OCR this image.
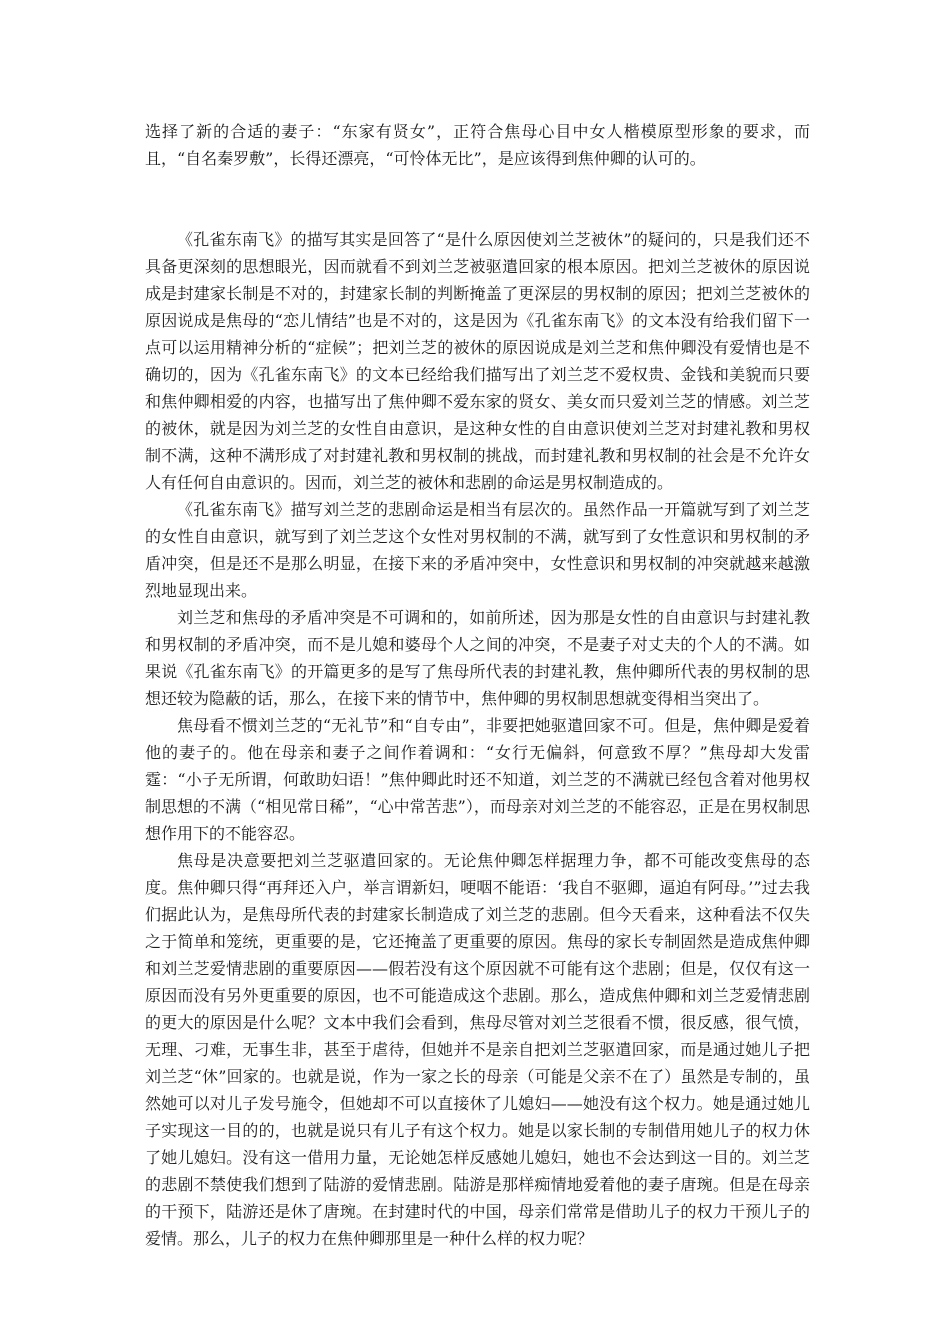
选择了新的合适的妻子：“东家有贤女”，正符合焦母心目中女人楷模原型形象的要求，而且，“自名秦罗敷”，长得还漂亮，“可怜体无比”，是应该得到焦仲卿的认可的。

《孔雀东南飞》的描写其实是回答了“是什么原因使刘兰芝被休”的疑问的，只是我们还不具备更深刻的思想眼光，因而就看不到刘兰芝被驱遣回家的根本原因。把刘兰芝被休的原因说成是封建家长制是不对的，封建家长制的判断掩盖了更深层的男权制的原因；把刘兰芝被休的原因说成是焦母的“恋儿情结”也是不对的，这是因为《孔雀东南飞》的文本没有给我们留下一点可以运用精神分析的“症候”；把刘兰芝的被休的原因说成是刘兰芝和焦仲卿没有爱情也是不确切的，因为《孔雀东南飞》的文本已经给我们描写出了刘兰芝不爱权贵、金钱和美貌而只要和焦仲卿相爱的内容，也描写出了焦仲卿不爱东家的贤女、美女而只爱刘兰芝的情感。刘兰芝的被休，就是因为刘兰芝的女性自由意识，是这种女性的自由意识使刘兰芝对封建礼教和男权制不满，这种不满形成了对封建礼教和男权制的挑战，而封建礼教和男权制的社会是不允许女人有任何自由意识的。因而，刘兰芝的被休和悲剧的命运是男权制造成的。

《孔雀东南飞》描写刘兰芝的悲剧命运是相当有层次的。虽然作品一开篇就写到了刘兰芝的女性自由意识，就写到了刘兰芝这个女性对男权制的不满，就写到了女性意识和男权制的矛盾冲突，但是还不是那么明显，在接下来的矛盾冲突中，女性意识和男权制的冲突就越来越激烈地显现出来。

刘兰芝和焦母的矛盾冲突是不可调和的，如前所述，因为那是女性的自由意识与封建礼教和男权制的矛盾冲突，而不是儿媳和婆母个人之间的冲突，不是妻子对丈夫的个人的不满。如果说《孔雀东南飞》的开篇更多的是写了焦母所代表的封建礼教，焦仲卿所代表的男权制的思想还较为隐蔽的话，那么，在接下来的情节中，焦仲卿的男权制思想就变得相当突出了。

焦母看不惯刘兰芝的“无礼节”和“自专由”，非要把她驱遣回家不可。但是，焦仲卿是爱着他的妻子的。他在母亲和妻子之间作着调和：“女行无偏斜，何意致不厚？”焦母却大发雷霆：“小子无所谓，何敢助妇语！”焦仲卿此时还不知道，刘兰芝的不满就已经包含着对他男权制思想的不满（“相见常日稀”，“心中常苦悲”），而母亲对刘兰芝的不能容忍，正是在男权制思想作用下的不能容忍。

焦母是决意要把刘兰芝驱遣回家的。无论焦仲卿怎样据理力争，都不可能改变焦母的态度。焦仲卿只得“再拜还入户，举言谓新妇，哽咽不能语：‘我自不驱卿，逼迫有阿母。’”过去我们据此认为，是焦母所代表的封建家长制造成了刘兰芝的悲剧。但今天看来，这种看法不仅失之于简单和笼统，更重要的是，它还掩盖了更重要的原因。焦母的家长专制固然是造成焦仲卿和刘兰芝爱情悲剧的重要原因——假若没有这个原因就不可能有这个悲剧；但是，仅仅有这一原因而没有另外更重要的原因，也不可能造成这个悲剧。那么，造成焦仲卿和刘兰芝爱情悲剧的更大的原因是什么呢？文本中我们会看到，焦母尽管对刘兰芝很看不惯，很反感，很气愤，无理、刁难，无事生非，甚至于虐待，但她并不是亲自把刘兰芝驱遣回家，而是通过她儿子把刘兰芝“休”回家的。也就是说，作为一家之长的母亲（可能是父亲不在了）虽然是专制的，虽然她可以对儿子发号施令，但她却不可以直接休了儿媳妇——她没有这个权力。她是通过她儿子实现这一目的的，也就是说只有儿子有这个权力。她是以家长制的专制借用她儿子的权力休了她儿媳妇。没有这一借用力量，无论她怎样反感她儿媳妇，她也不会达到这一目的。刘兰芝的悲剧不禁使我们想到了陆游的爱情悲剧。陆游是那样痴情地爱着他的妻子唐琬。但是在母亲的干预下，陆游还是休了唐琬。在封建时代的中国，母亲们常常是借助儿子的权力干预儿子的爱情。那么，儿子的权力在焦仲卿那里是一种什么样的权力呢？
